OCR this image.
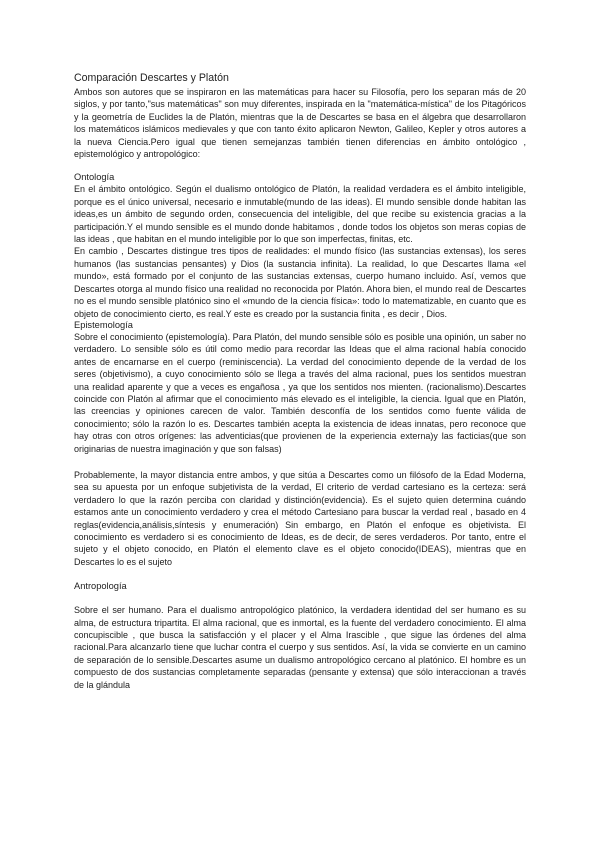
Comparación Descartes y Platón

Ambos son autores que se inspiraron en las matemáticas para hacer su Filosofía, pero los separan más de 20 siglos, y por tanto,"sus matemáticas" son muy diferentes, inspirada en la "matemática-mística" de los Pitagóricos y la geometría de Euclides la de Platón, mientras que la de Descartes se basa en el álgebra que desarrollaron los matemáticos islámicos medievales y que con tanto éxito aplicaron Newton, Galileo, Kepler y otros autores a la nueva Ciencia.Pero igual que tienen semejanzas también tienen diferencias en ámbito ontológico , epistemológico y antropológico:

Ontología

En el ámbito ontológico. Según el dualismo ontológico de Platón, la realidad verdadera es el ámbito inteligible, porque es el único universal, necesario e inmutable(mundo de las ideas). El mundo sensible donde habitan las ideas,es un ámbito de segundo orden, consecuencia del inteligible, del que recibe su existencia gracias a la participación.Y el mundo sensible es el mundo donde habitamos , donde todos los objetos son meras copias de las ideas , que habitan en el mundo inteligible por lo que son imperfectas, finitas, etc.

En cambio , Descartes distingue tres tipos de realidades: el mundo físico (las sustancias extensas), los seres humanos (las sustancias pensantes) y Dios (la sustancia infinita). La realidad, lo que Descartes llama «el mundo», está formado por el conjunto de las sustancias extensas, cuerpo humano incluido. Así, vemos que Descartes otorga al mundo físico una realidad no reconocida por Platón. Ahora bien, el mundo real de Descartes no es el mundo sensible platónico sino el «mundo de la ciencia física»: todo lo matematizable, en cuanto que es objeto de conocimiento cierto, es real.Y este es creado por la sustancia finita , es decir , Dios.

Epistemología

Sobre el conocimiento (epistemología). Para Platón, del mundo sensible sólo es posible una opinión, un saber no verdadero. Lo sensible sólo es útil como medio para recordar las Ideas que el alma racional había conocido antes de encarnarse en el cuerpo (reminiscencia). La verdad del conocimiento depende de la verdad de los seres (objetivismo), a cuyo conocimiento sólo se llega a través del alma racional, pues los sentidos muestran una realidad aparente y que a veces es engañosa , ya que los sentidos nos mienten. (racionalismo).Descartes coincide con Platón al afirmar que el conocimiento más elevado es el inteligible, la ciencia. Igual que en Platón, las creencias y opiniones carecen de valor. También desconfía de los sentidos como fuente válida de conocimiento; sólo la razón lo es. Descartes también acepta la existencia de ideas innatas, pero reconoce que hay otras con otros orígenes: las adventicias(que provienen de la experiencia externa)y las facticias(que son originarias de nuestra imaginación y que son falsas)

Probablemente, la mayor distancia entre ambos, y que sitúa a Descartes como un filósofo de la Edad Moderna, sea su apuesta por un enfoque subjetivista de la verdad, El criterio de verdad cartesiano es la certeza: será verdadero lo que la razón perciba con claridad y distinción(evidencia). Es el sujeto quien determina cuándo estamos ante un conocimiento verdadero y crea el método Cartesiano para buscar la verdad real , basado en 4 reglas(evidencia,análisis,síntesis y enumeración) Sin embargo, en Platón el enfoque es objetivista. El conocimiento es verdadero si es conocimiento de Ideas, es de decir, de seres verdaderos. Por tanto, entre el sujeto y el objeto conocido, en Platón el elemento clave es el objeto conocido(IDEAS), mientras que en Descartes lo es el sujeto

Antropología

Sobre el ser humano. Para el dualismo antropológico platónico, la verdadera identidad del ser humano es su alma, de estructura tripartita. El alma racional, que es inmortal, es la fuente del verdadero conocimiento. El alma concupiscible , que busca la satisfacción y el placer y el Alma Irascible , que sigue las órdenes del alma racional.Para alcanzarlo tiene que luchar contra el cuerpo y sus sentidos. Así, la vida se convierte en un camino de separación de lo sensible.Descartes asume un dualismo antropológico cercano al platónico. El hombre es un compuesto de dos sustancias completamente separadas (pensante y extensa) que sólo interaccionan a través de la glándula
